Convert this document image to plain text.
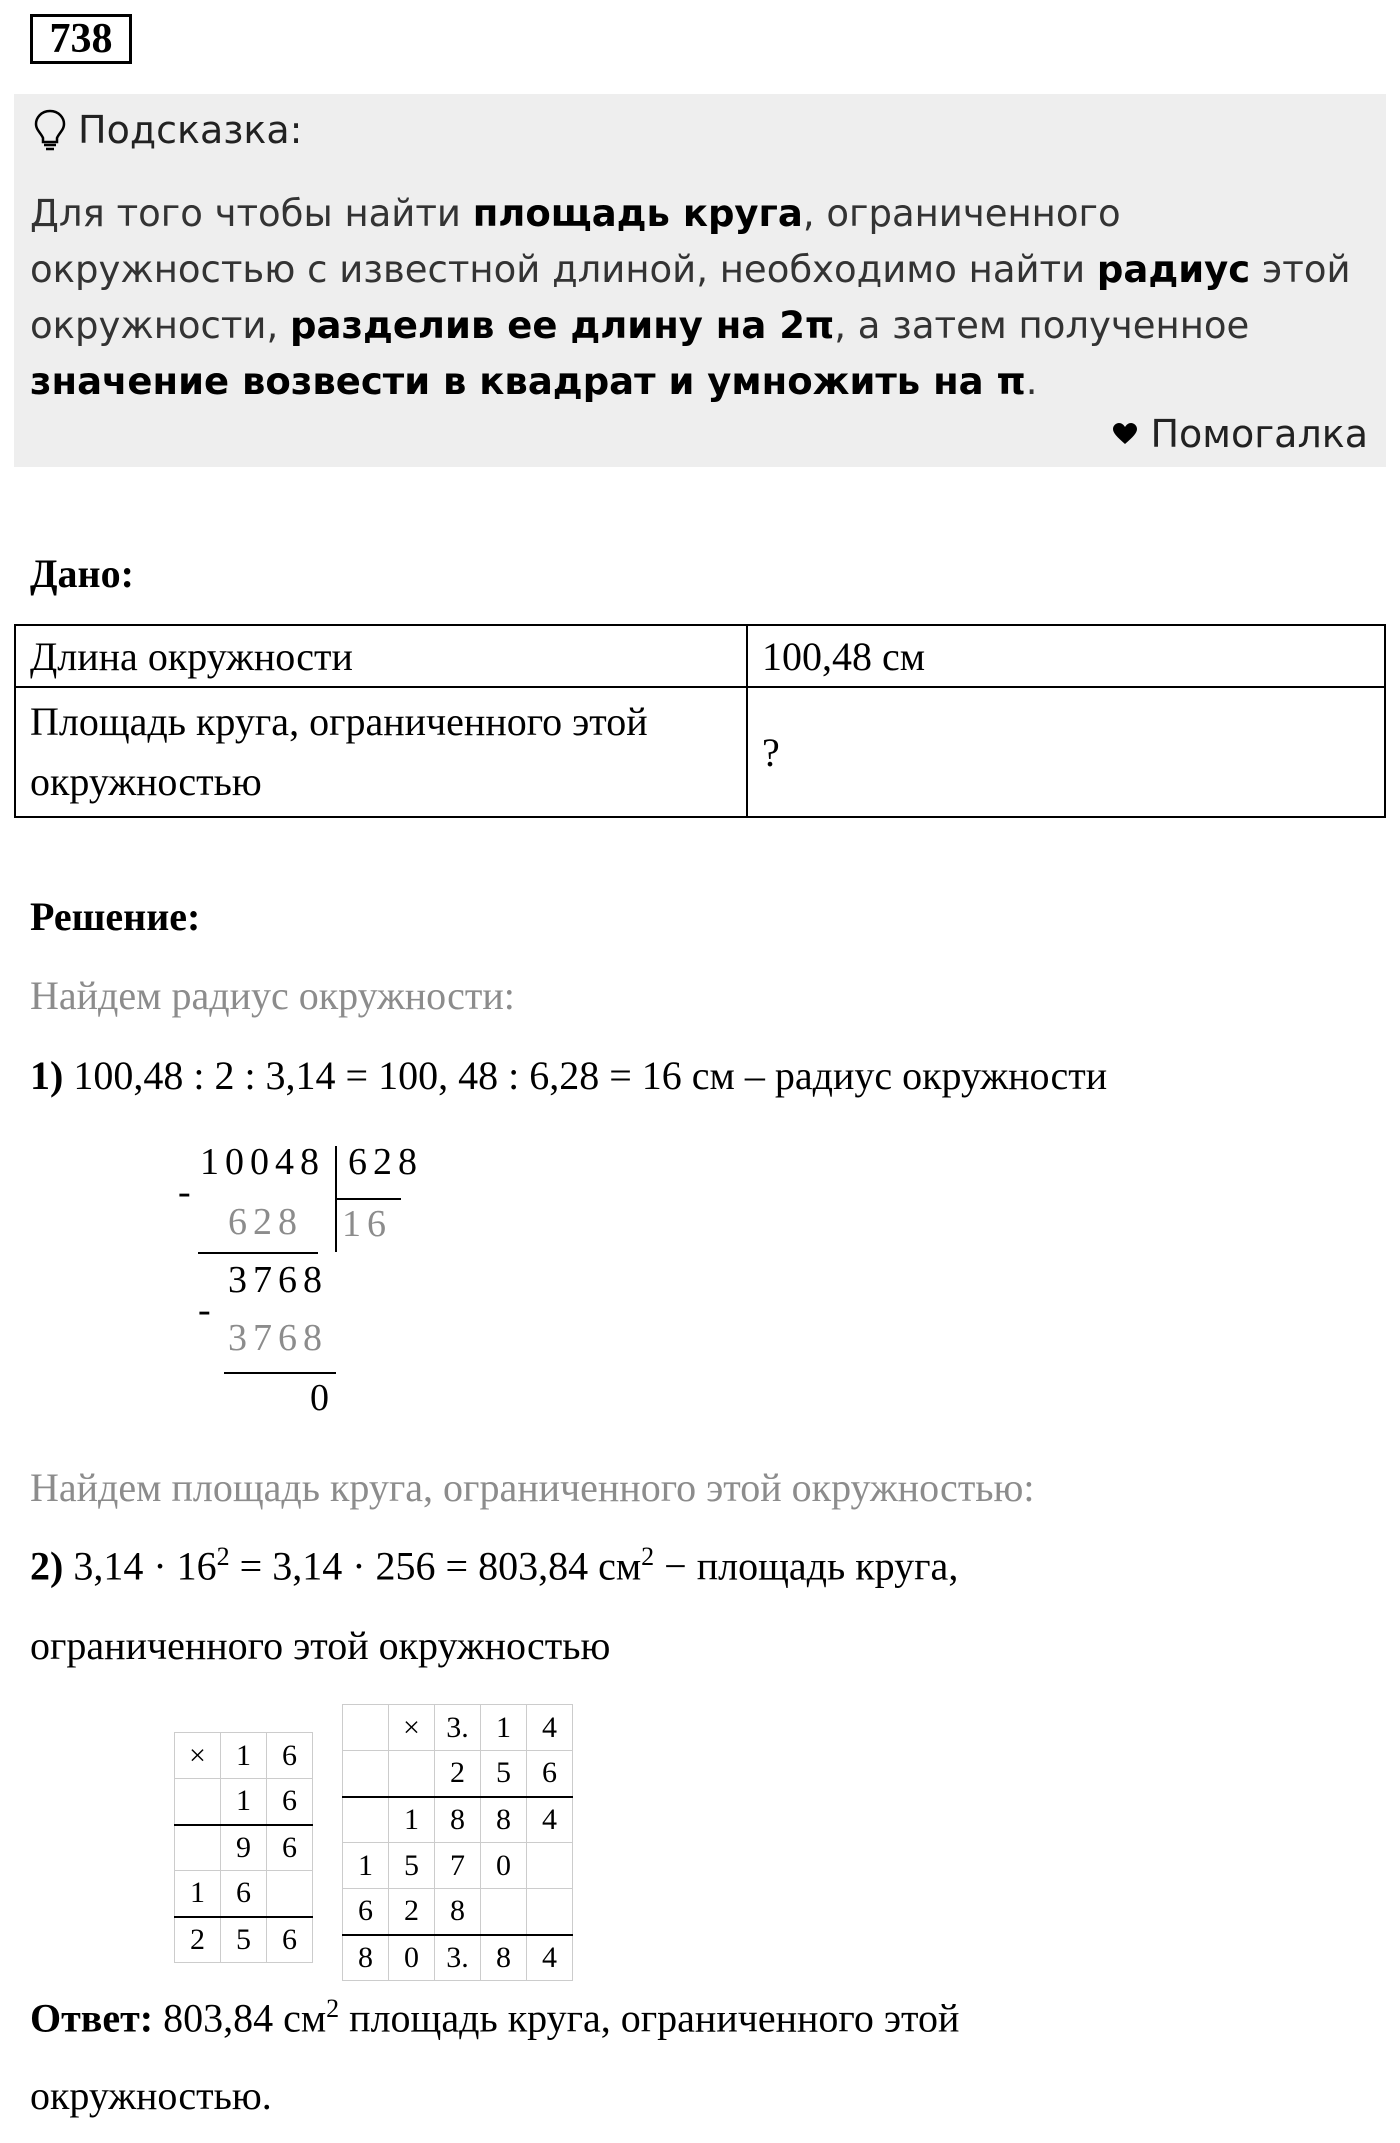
738
Подсказка:
Для того чтобы найти площадь круга, ограниченного окружностью с известной длиной, необходимо найти радиус этой окружности, разделив ее длину на 2π, а затем полученное значение возвести в квадрат и умножить на π.
Помогалка
Дано:
Длина окружности	100,48 см
Площадь круга, ограниченного этой окружностью	?
Решение:
Найдем радиус окружности:
1) 100,48 : 2 : 3,14 = 100, 48 : 6,28 = 16 см – радиус окружности
10048 628
-
628 16
3768
-
3768
0
Найдем площадь круга, ограниченного этой окружностью:
2) $3,14 \cdot 16^2 = 3,14 \cdot 256 = 803,84$ $см^2$ − площадь круга,
ограниченного этой окружностью
×	1	6
	1	6
	9	6
1	6	
2	5	6
	×	3.	1	4
		2	5	6
	1	8	8	4
1	5	7	0	
6	2	8		
8	0	3.	8	4
Ответ: 803,84 $см^2$ площадь круга, ограниченного этой
окружностью.
